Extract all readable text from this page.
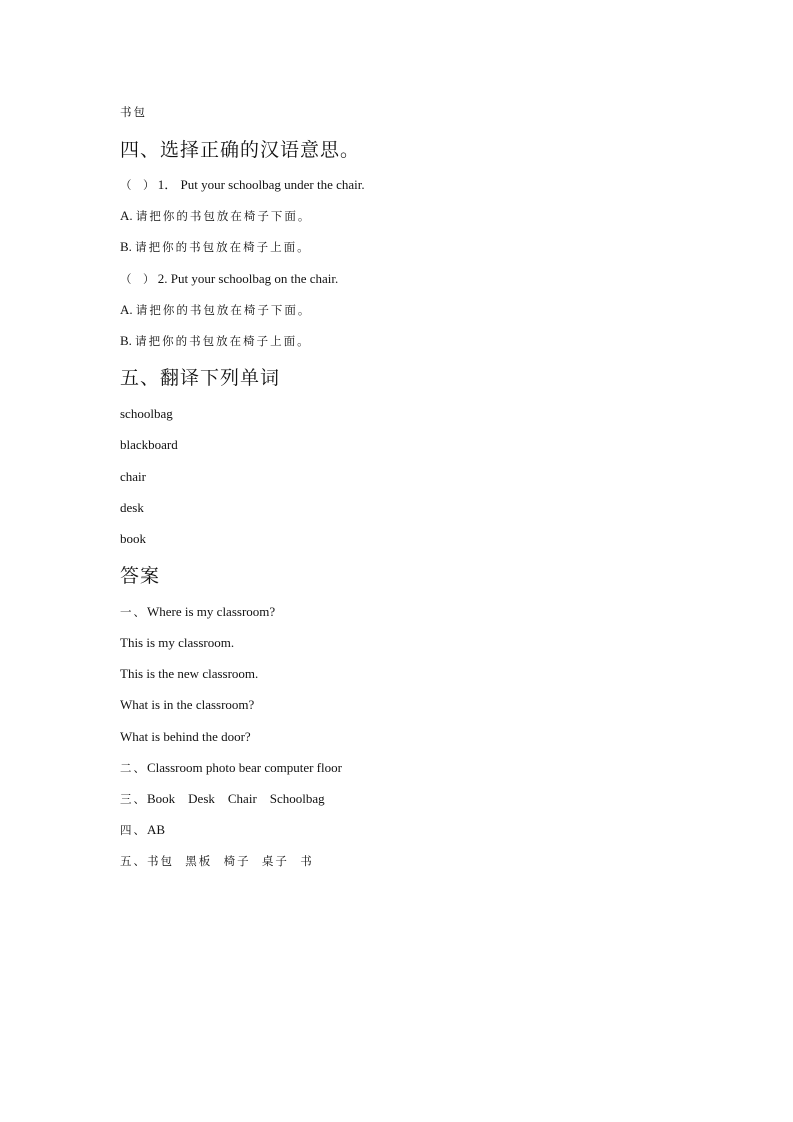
书包
四、选择正确的汉语意思。
（　） 1． Put your schoolbag under the chair.
A. 请把你的书包放在椅子下面。
B. 请把你的书包放在椅子上面。
（　） 2. Put your schoolbag on the chair.
A. 请把你的书包放在椅子下面。
B. 请把你的书包放在椅子上面。
五、翻译下列单词
schoolbag
blackboard
chair
desk
book
答案
一、Where is my classroom?
This is my classroom.
This is the new classroom.
What is in the classroom?
What is behind the door?
二、Classroom photo bear computer floor
三、Book    Desk    Chair    Schoolbag
四、AB
五、书包  黑板  椅子  桌子  书
